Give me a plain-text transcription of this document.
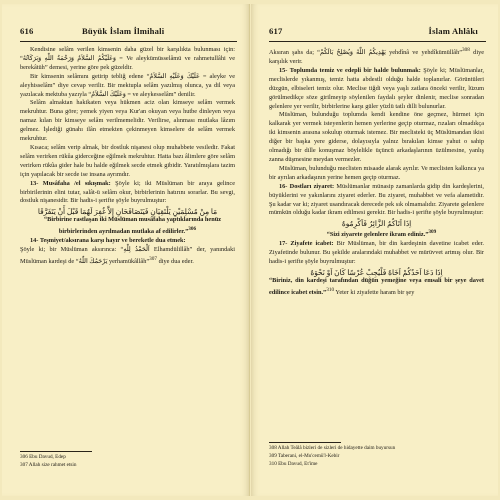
616	Büyük İslam İlmihali

Kendisine selâm verilen kimsenin daha güzel bir karşılıkta bulunması için: “وَعَلَيْكُمُ السَّلاَمُ وَرَحْمَةُ اللّٰهِ وَبَرَكَاتُهُ = Ve aleykümüsselâmü ve rahmetullâhi ve berekâtüh” demesi, yerine göre pek güzeldir.

Bir kimsenin selâmını getirip tebliğ edene “عَلَيْكَ وَعَلَيْهِ السَّلاَمُ = aleyke ve aleyhisselâm” diye cevap verilir. Bir mektupla selâm yazılmış olunca, ya dil veya yazılacak mektuba yazıyla “وَعَلَيْكَ السَّلاَمُ = ve aleykesselâm” denilir.

Selâm almaktan hakikaten veya hükmen aciz olan kimseye selâm vermek mekruhtur. Buna göre; yemek yiyen veya Kur'an okuyan veya hutbe dinleyen veya namaz kılan bir kimseye selâm verilmemelidir. Verilirse, alınması mutlaka lâzım gelmez. İşlediği günahı ilân etmekten çekinmeyen kimselere de selâm vermek mekruhtur.

Kısaca; selâm verip almak, bir dostluk nişanesi olup muhabbete vesiledir. Fakat selâm verirken rükûa giderceğine eğilmek mekruhtur. Hatta bazı âlimlere göre selâm verirken rükûa gider hale bu halde eğilmek secde etmek gibidir. Yaratılmışlara tazim için yapılacak bir secde ise insana ayrımdır.

13- Musâfaha /el sıkışmak: Şöyle ki; iki Müslüman bir araya gelince birbirilerinin elini tutar, salât-ü selâm okur, birbirlerinin hatırını sorarlar. Bu sevgi, dostluk nişanesidir. Bir hadis-i şerifte şöyle buyrulmuştur:

مَا مِنْ مُسْلِمَيْنِ يَلْتَقِيَانِ فَيَتَصَافَحَانِ إِلاَّ غُفِرَ لَهُمَا قَبْلَ أَنْ يَتَفَرَّقَا

“Birbirine rastlaşan iki Müslüman musâfaha yaptıklarında henüz birbirlerinden ayrılmadan mutlaka af edilirler.”$^{306}$

14- Teşmiyet/aksırana karşı hayır ve bereketle dua etmek:

Şöyle ki; bir Müslüman aksırınca: “اَلْحَمْدُ لِلّٰهِ Elhamdülillâh” der, yanındaki Müslüman kardeşi de “يَرْحَمُكَ اللّٰهُ yerhamükâllâh”$^{307}$ diye dua eder.

306 Ebu Davud, Edep
307 Allah size rahmet etsin
617	İslam Ahlâkı

Aksıran şahs da; “يَهْدِيكُمُ اللّٰهُ وَيُصْلِحُ بَالَكُمْ yehdînâ ve yehdîkümüllâh”$^{308}$ diye karşılık verir.

15- Toplumda temiz ve edepli bir halde bulunmak: Şöyle ki; Müslümanlar, meclislerde yıkanmış, temiz hatta abdestli olduğu halde toplanırlar. Görüntüleri düzgün, elbiseleri temiz olur. Meclise tiğdi veya yaşlı zatlara önceki verilir, lüzum görülmedikçe söze girilmeyip söylenilen faydalı şeyler dinlenir, meclise sonradan gelenlere yer verilir, birbirlerine karşı güler yüzlü tatlı dilli bulunurlar.

Müslüman, bulunduğu toplumda kendi kendine öne geçmez, hürmet için kalkarak yer vermek isteyenlerin hemen yerlerine geçip oturmaz, rızaları olmadıkça iki kimsenin arasına sokulup oturmak istemez. Bir meclisteki üç Müslümandan ikisi diğer bir başka yere giderse, dolayısıyla yalnız bırakılan kimse yahut o sahip olmadığı bir dille konuşmaz böylelikle üçüncü arkadaşlarının üzülmesine, yanlış zanna düşmesine meydan vermezler.

Müslüman, bulunduğu meclisten misaade alarak ayrılır. Ve meclisten kalkınca ya bir ayrılan arkadaşının yerine hemen geçip oturmaz.

16- Dostları ziyaret: Müslümanlar münasip zamanlarda gidip din kardeşlerini, büyüklerini ve yakınlarını ziyaret ederler. Bu ziyaret, muhabbet ve vefa alametidir. Şu kadar var ki; ziyaret usandıracak derecede pek sık olmamalıdır. Ziyarete gelenlere mümkün olduğu kadar ikram edilmesi gerekir. Bir hadis-i şerifte şöyle buyrulmuştur:

اِذَا اَتَاكُمُ الزَّائِرُ فَاَكْرِمُوهُ

“Sizi ziyarete gelenlere ikram ediniz.”$^{309}$

17- Ziyafete icabet: Bir Müslüman, bir din kardeşinin davetine icabet eder. Ziyafetinde bulunur. Bu şekilde aralarındaki muhabbet ve mürüvvet artmış olur. Bir hadis-i şerifte şöyle buyrulmuştur:

اِذَا دَعَا اَحَدُكُمْ اَخَاهُ فَلْيُجِبْ عُرْسًا كَانَ اَوْ نَحْوَهُ

“Biriniz, din kardeşi tarafından düğün yemeğine veya emsali bir şeye davet edilince icabet etsin.”$^{310}$ Yeter ki ziyafette haram bir şey

308 Allah Teâlâ bizleri de sizleri de hidayette daim buyursun
309 Taberani, el-Mu'cemü'l-Kebir
310 Ebu Davud, Et'ime
